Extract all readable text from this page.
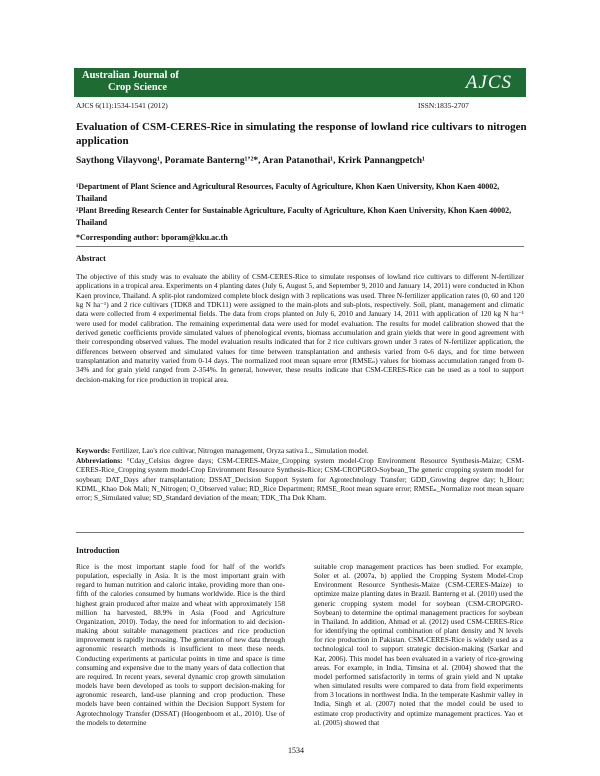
Australian Journal of
Crop Science	AJCS
AJCS 6(11):1534-1541 (2012)	ISSN:1835-2707
Evaluation of CSM-CERES-Rice in simulating the response of lowland rice cultivars to nitrogen application
Saythong Vilayvong¹, Poramate Banterng¹ʼ²*, Aran Patanothai¹, Krirk Pannangpetch¹
¹Department of Plant Science and Agricultural Resources, Faculty of Agriculture, Khon Kaen University, Khon Kaen 40002, Thailand
²Plant Breeding Research Center for Sustainable Agriculture, Faculty of Agriculture, Khon Kaen University, Khon Kaen 40002, Thailand
*Corresponding author: bporam@kku.ac.th
Abstract

The objective of this study was to evaluate the ability of CSM-CERES-Rice to simulate responses of lowland rice cultivars to different N-fertilizer applications in a tropical area. Experiments on 4 planting dates (July 6, August 5, and September 9, 2010 and January 14, 2011) were conducted in Khon Kaen province, Thailand. A split-plot randomized complete block design with 3 replications was used. Three N-fertilizer application rates (0, 60 and 120 kg N ha⁻¹) and 2 rice cultivars (TDK8 and TDK11) were assigned to the main-plots and sub-plots, respectively. Soil, plant, management and climatic data were collected from 4 experimental fields. The data from crops planted on July 6, 2010 and January 14, 2011 with application of 120 kg N ha⁻¹ were used for model calibration. The remaining experimental data were used for model evaluation. The results for model calibration showed that the derived genetic coefficients provide simulated values of phenological events, biomass accumulation and grain yields that were in good agreement with their corresponding observed values. The model evaluation results indicated that for 2 rice cultivars grown under 3 rates of N-fertilizer application, the differences between observed and simulated values for time between transplantation and anthesis varied from 0-6 days, and for time between transplantation and maturity varied from 0-14 days. The normalized root mean square error (RMSEₙ) values for biomass accumulation ranged from 0-34% and for grain yield ranged from 2-354%. In general, however, these results indicate that CSM-CERES-Rice can be used as a tool to support decision-making for rice production in tropical area.

Keywords: Fertilizer, Lao's rice cultivar, Nitrogen management, Oryza sativa L., Simulation model.

Abbreviations: °Cday_Celsius degree days; CSM-CERES-Maize_Cropping system model-Crop Environment Resource Synthesis-Maize; CSM-CERES-Rice_Cropping system model-Crop Environment Resource Synthesis-Rice; CSM-CROPGRO-Soybean_The generic cropping system model for soybean; DAT_Days after transplantation; DSSAT_Decision Support System for Agrotechnology Transfer; GDD_Growing degree day; h_Hour; KDML_Khao Dok Mali; N_Nitrogen; O_Observed value; RD_Rice Department; RMSE_Root mean square error; RMSEₙ_Normalize root mean square error; S_Simulated value; SD_Standard deviation of the mean; TDK_Tha Dok Kham.

Introduction

Rice is the most important staple food for half of the world's population, especially in Asia. It is the most important grain with regard to human nutrition and caloric intake, providing more than one-fifth of the calories consumed by humans worldwide. Rice is the third highest grain produced after maize and wheat with approximately 158 million ha harvested, 88.9% in Asia (Food and Agriculture Organization, 2010). Today, the need for information to aid decision-making about suitable management practices and rice production improvement is rapidly increasing. The generation of new data through agronomic research methods is insufficient to meet these needs. Conducting experiments at particular points in time and space is time consuming and expensive due to the many years of data collection that are required. In recent years, several dynamic crop growth simulation models have been developed as tools to support decision-making for agronomic research, land-use planning and crop production. These models have been contained within the Decision Support System for Agrotechnology Transfer (DSSAT) (Hoogenboom et al., 2010). Use of the models to determine

suitable crop management practices has been studied. For example, Soler et al. (2007a, b) applied the Cropping System Model-Crop Environment Resource Synthesis-Maize (CSM-CERES-Maize) to optimize maize planting dates in Brazil. Banterng et al. (2010) used the generic cropping system model for soybean (CSM-CROPGRO-Soybean) to determine the optimal management practices for soybean in Thailand. In addition, Ahmad et al. (2012) used CSM-CERES-Rice for identifying the optimal combination of plant density and N levels for rice production in Pakistan. CSM-CERES-Rice is widely used as a technological tool to support strategic decision-making (Sarkar and Kar, 2006). This model has been evaluated in a variety of rice-growing areas. For example, in India, Timsina et al. (2004) showed that the model performed satisfactorily in terms of grain yield and N uptake when simulated results were compared to data from field experiments from 3 locations in northwest India. In the temperate Kashmir valley in India, Singh et al. (2007) noted that the model could be used to estimate crop productivity and optimize management practices. Yao et al. (2005) showed that

1534
